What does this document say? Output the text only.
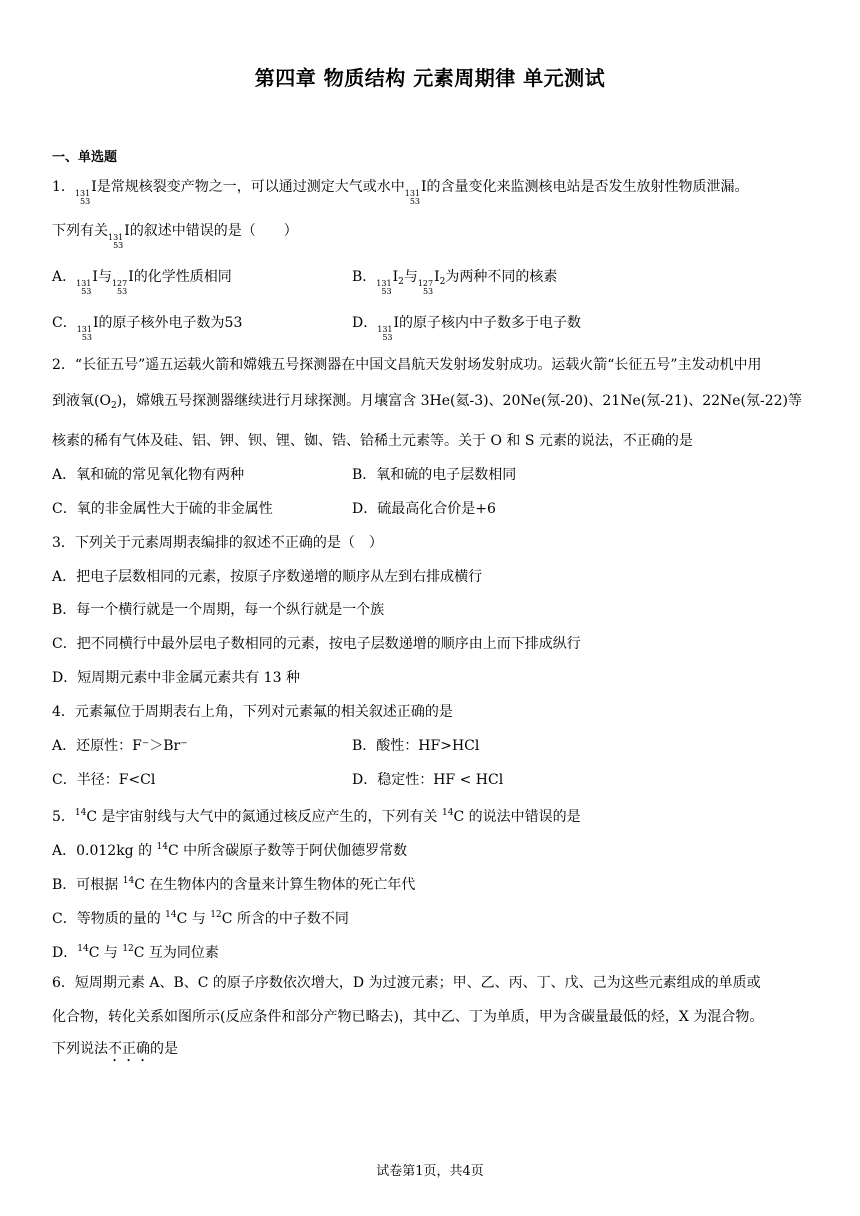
第四章 物质结构 元素周期律 单元测试
一、单选题
1． 131
53
I是常规核裂变产物之一，可以通过测定大气或水中 131
53
I的含量变化来监测核电站是否发生放射性物质泄漏。
下列有关 131
53
I的叙述中错误的是（　　）
A． 131
53
I与 127
53
I的化学性质相同	B． 131
53
$I_2$与 127
53
$I_2$为两种不同的核素
C． 131
53
I的原子核外电子数为53	D． 131
53
I的原子核内中子数多于电子数
2．“长征五号”遥五运载火箭和嫦娥五号探测器在中国文昌航天发射场发射成功。运载火箭“长征五号”主发动机中用
到液氧$(O_2)$，嫦娥五号探测器继续进行月球探测。月壤富含 3He(氦-3)、20Ne(氖-20)、21Ne(氖-21)、22Ne(氖-22)等
核素的稀有气体及硅、铝、钾、钡、锂、铷、锆、铪稀土元素等。关于 O 和 S 元素的说法，不正确的是
A．氧和硫的常见氧化物有两种	B．氧和硫的电子层数相同
C．氧的非金属性大于硫的非金属性	D．硫最高化合价是+6
3．下列关于元素周期表编排的叙述不正确的是（　）
A．把电子层数相同的元素，按原子序数递增的顺序从左到右排成横行
B．每一个横行就是一个周期，每一个纵行就是一个族
C．把不同横行中最外层电子数相同的元素，按电子层数递增的顺序由上而下排成纵行
D．短周期元素中非金属元素共有 13 种
4．元素氟位于周期表右上角，下列对元素氟的相关叙述正确的是
A．还原性：F⁻＞Br⁻	B．酸性：HF>HCl
C．半径：F<Cl	D．稳定性：HF < HCl
5．$^{14}$C 是宇宙射线与大气中的氮通过核反应产生的，下列有关 $^{14}$C 的说法中错误的是
A．0.012kg 的 $^{14}$C 中所含碳原子数等于阿伏伽德罗常数
B．可根据 $^{14}$C 在生物体内的含量来计算生物体的死亡年代
C．等物质的量的 $^{14}$C 与 $^{12}$C 所含的中子数不同
D．$^{14}$C 与 $^{12}$C 互为同位素
6．短周期元素 A、B、C 的原子序数依次增大，D 为过渡元素；甲、乙、丙、丁、戊、己为这些元素组成的单质或
化合物，转化关系如图所示(反应条件和部分产物已略去)，其中乙、丁为单质，甲为含碳量最低的烃，X 为混合物。
下列说法不正确的是
试卷第1页，共4页
